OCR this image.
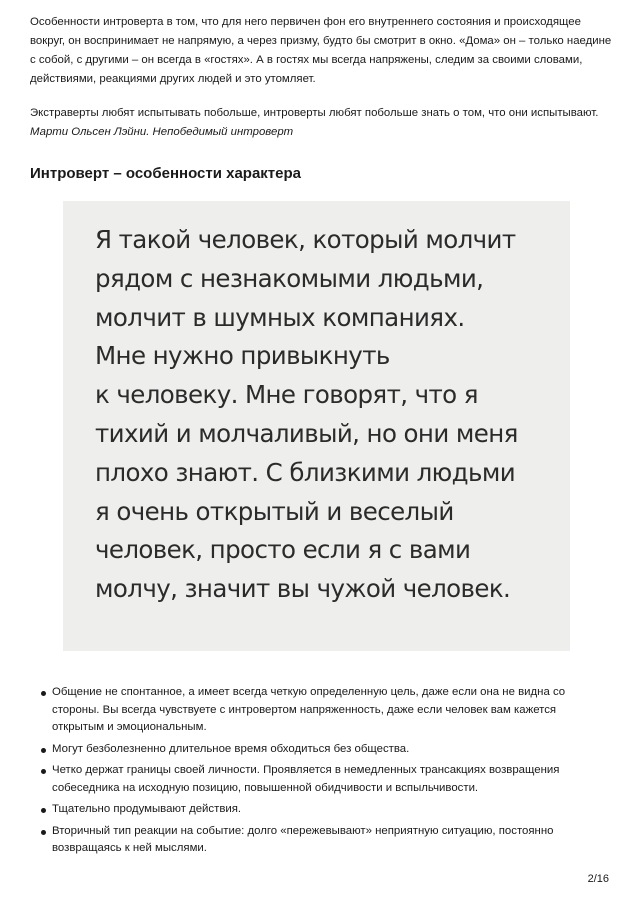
Особенности интроверта в том, что для него первичен фон его внутреннего состояния и происходящее вокруг, он воспринимает не напрямую, а через призму, будто бы смотрит в окно. «Дома» он – только наедине с собой, с другими – он всегда в «гостях». А в гостях мы всегда напряжены, следим за своими словами, действиями, реакциями других людей и это утомляет.

Экстраверты любят испытывать побольше, интроверты любят побольше знать о том, что они испытывают.
Марти Ольсен Лэйни. Непобедимый интроверт

Интроверт – особенности характера

Я такой человек, который молчит
рядом с незнакомыми людьми,
молчит в шумных компаниях.
Мне нужно привыкнуть
к человеку. Мне говорят, что я
тихий и молчаливый, но они меня
плохо знают. С близкими людьми
я очень открытый и веселый
человек, просто если я с вами
молчу, значит вы чужой человек.

Общение не спонтанное, а имеет всегда четкую определенную цель, даже если она не видна со стороны. Вы всегда чувствуете с интровертом напряженность, даже если человек вам кажется открытым и эмоциональным.
Могут безболезненно длительное время обходиться без общества.
Четко держат границы своей личности. Проявляется в немедленных трансакциях возвращения собеседника на исходную позицию, повышенной обидчивости и вспыльчивости.
Тщательно продумывают действия.
Вторичный тип реакции на событие: долго «пережевывают» неприятную ситуацию, постоянно возвращаясь к ней мыслями.
2/16
